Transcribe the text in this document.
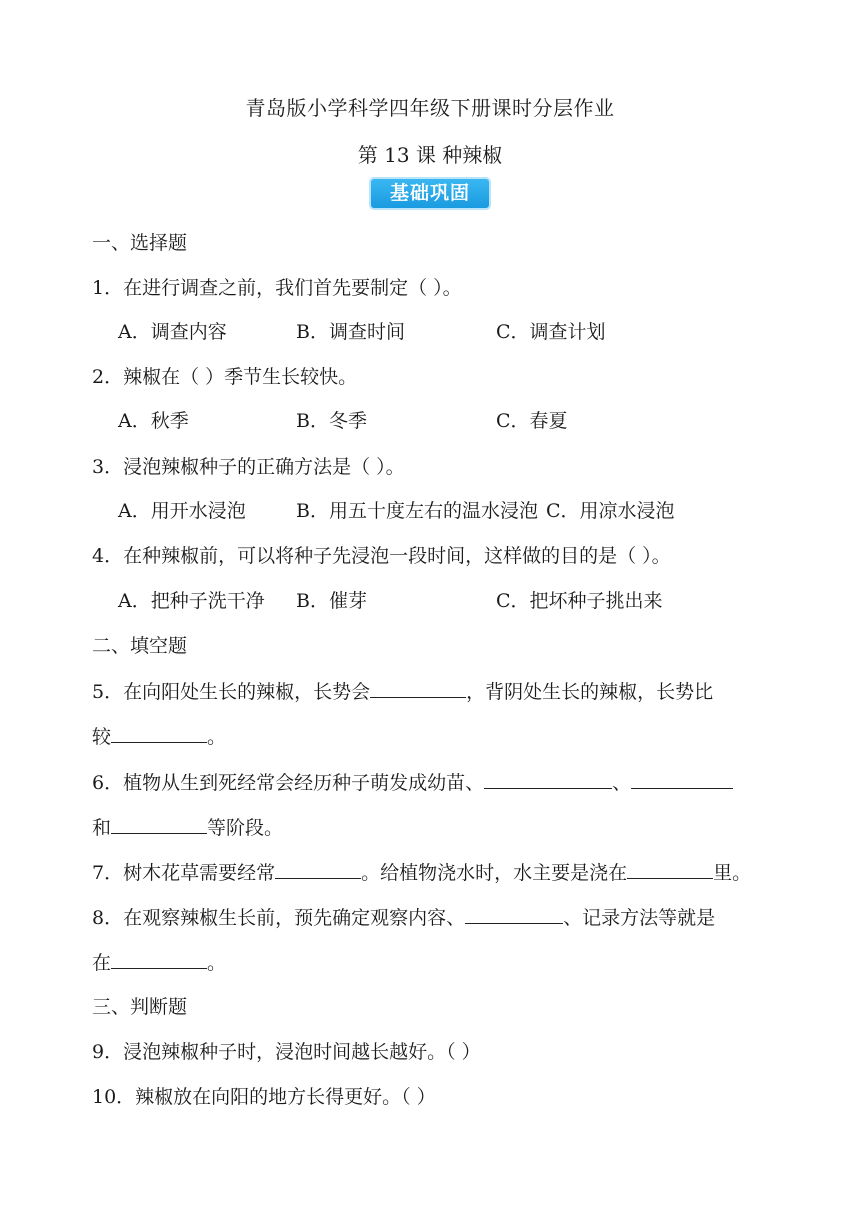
青岛版小学科学四年级下册课时分层作业
第 13 课 种辣椒
基础巩固
一、选择题
1．在进行调查之前，我们首先要制定（ ）。
A．调查内容	B．调查时间	C．调查计划
2．辣椒在（ ）季节生长较快。
A．秋季	B．冬季	C．春夏
3．浸泡辣椒种子的正确方法是（ ）。
A．用开水浸泡	B．用五十度左右的温水浸泡 C．用凉水浸泡
4．在种辣椒前，可以将种子先浸泡一段时间，这样做的目的是（ ）。
A．把种子洗干净 B．催芽	C．把坏种子挑出来
二、填空题
5．在向阳处生长的辣椒，长势会	，背阴处生长的辣椒，长势比
较	。
6．植物从生到死经常会经历种子萌发成幼苗、	、
和	等阶段。
7．树木花草需要经常	。给植物浇水时，水主要是浇在	里。
8．在观察辣椒生长前，预先确定观察内容、	、记录方法等就是
在	。
三、判断题
9．浸泡辣椒种子时，浸泡时间越长越好。（ ）
10．辣椒放在向阳的地方长得更好。（ ）
